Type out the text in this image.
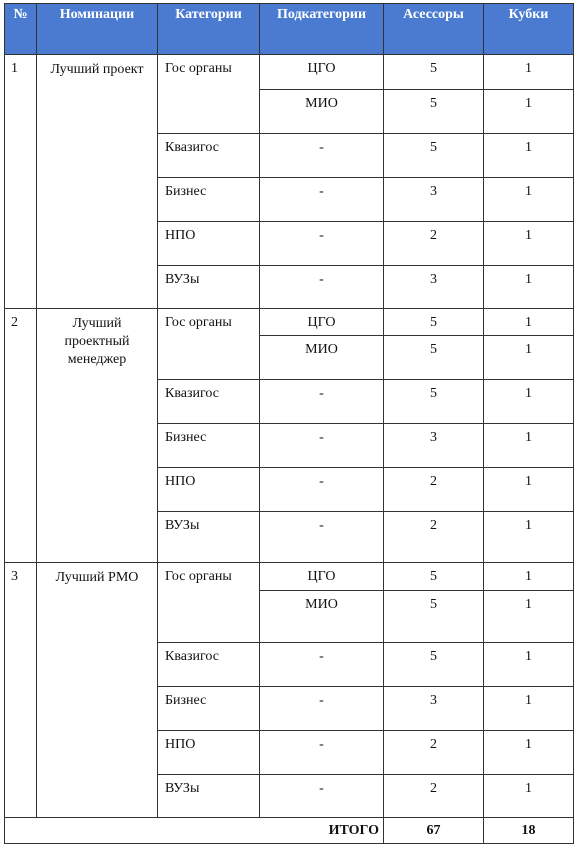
№	Номинации	Категории	Подкатегории	Асессоры	Кубки
1	Лучший проект	Гос органы	ЦГО	5	1
			МИО	5	1
		Квазигос	-	5	1
		Бизнес	-	3	1
		НПО	-	2	1
		ВУЗы	-	3	1
2	Лучший проектный менеджер	Гос органы	ЦГО	5	1
			МИО	5	1
		Квазигос	-	5	1
		Бизнес	-	3	1
		НПО	-	2	1
		ВУЗы	-	2	1
3	Лучший РМО	Гос органы	ЦГО	5	1
			МИО	5	1
		Квазигос	-	5	1
		Бизнес	-	3	1
		НПО	-	2	1
		ВУЗы	-	2	1
ИТОГО				67	18
